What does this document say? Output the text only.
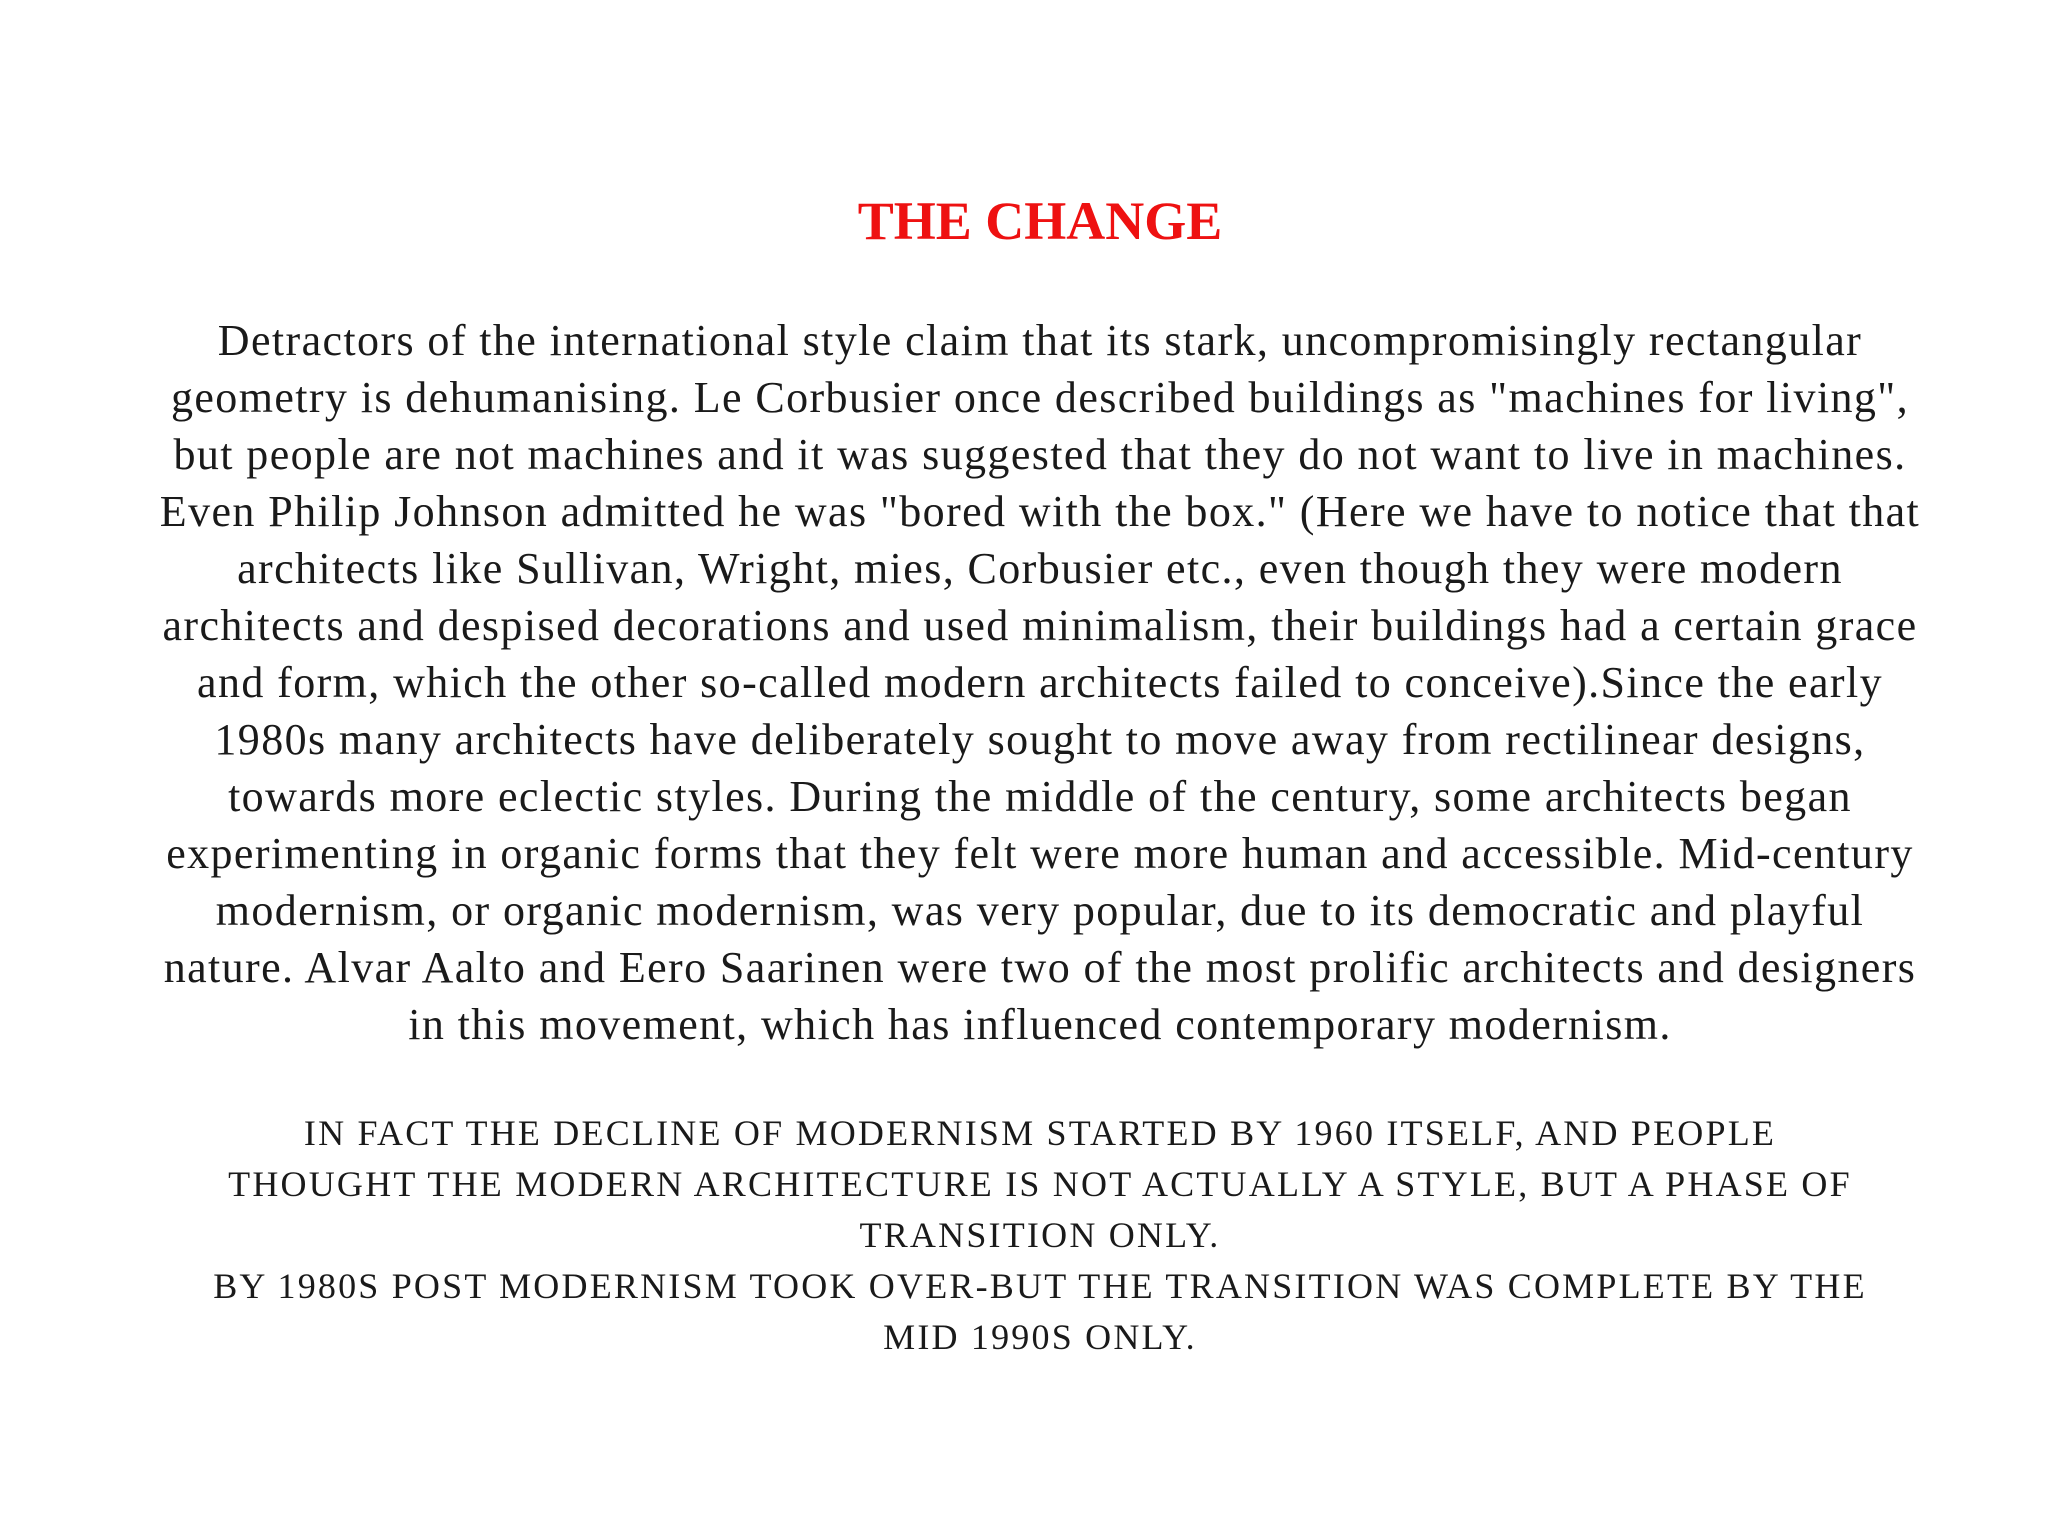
THE CHANGE
Detractors of the international style claim that its stark, uncompromisingly rectangular
geometry is dehumanising. Le Corbusier once described buildings as "machines for living",
but people are not machines and it was suggested that they do not want to live in machines.
Even Philip Johnson admitted he was "bored with the box." (Here we have to notice that that
architects like Sullivan, Wright, mies, Corbusier etc., even though they were modern
architects and despised decorations and used minimalism, their buildings had a certain grace
and form, which the other so-called modern architects failed to conceive).Since the early
1980s many architects have deliberately sought to move away from rectilinear designs,
towards more eclectic styles. During the middle of the century, some architects began
experimenting in organic forms that they felt were more human and accessible. Mid-century
modernism, or organic modernism, was very popular, due to its democratic and playful
nature. Alvar Aalto and Eero Saarinen were two of the most prolific architects and designers
in this movement, which has influenced contemporary modernism.
IN FACT THE DECLINE OF MODERNISM STARTED BY 1960 ITSELF, AND PEOPLE
THOUGHT THE MODERN ARCHITECTURE IS NOT ACTUALLY A STYLE, BUT A PHASE OF
TRANSITION ONLY.
BY 1980S POST MODERNISM TOOK OVER-BUT THE TRANSITION WAS COMPLETE BY THE
MID 1990S ONLY.
